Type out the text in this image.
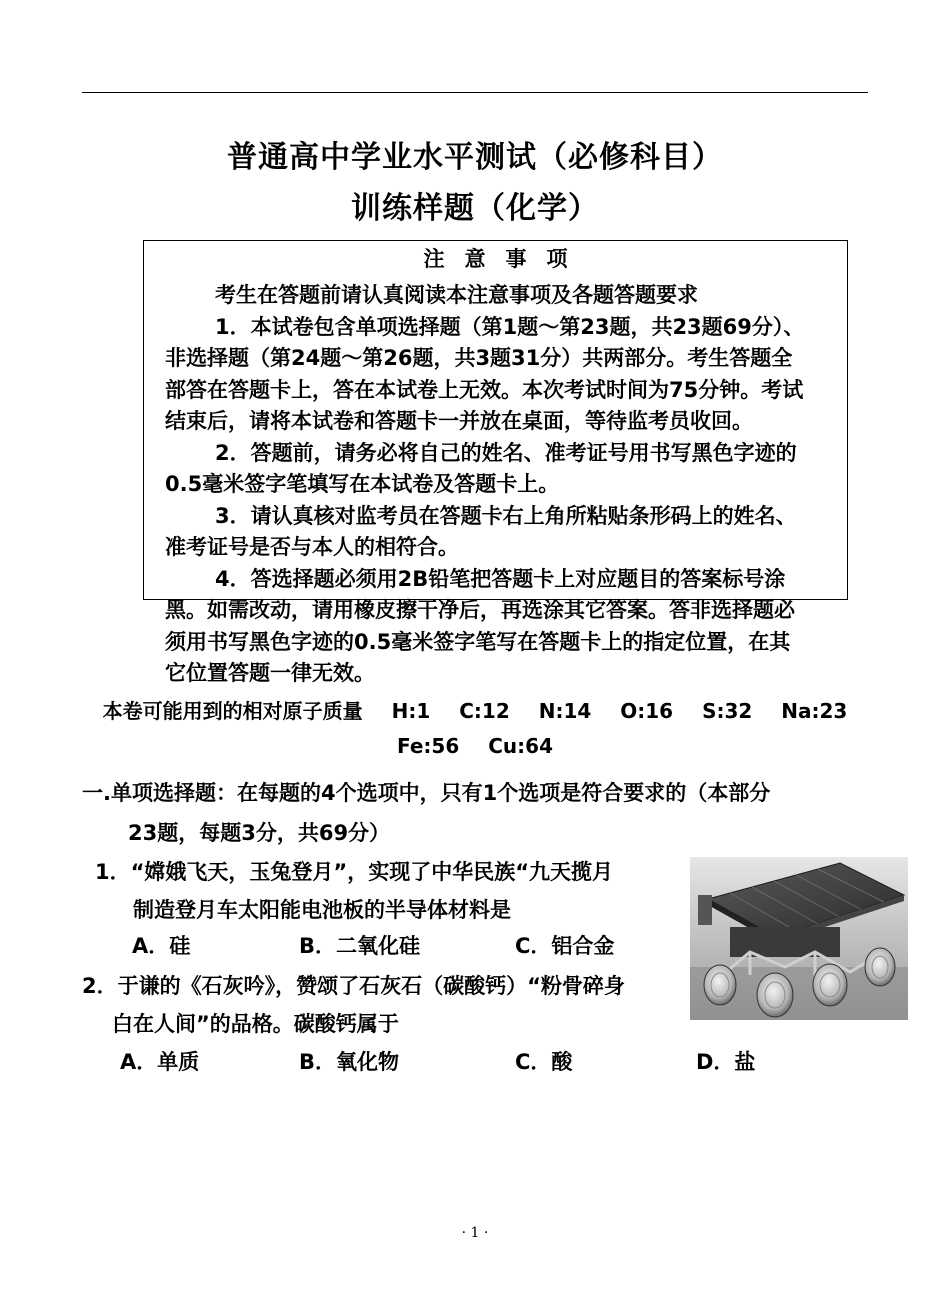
普通高中学业水平测试（必修科目）
训练样题（化学）
注意事项

考生在答题前请认真阅读本注意事项及各题答题要求

1．本试卷包含单项选择题（第1题～第23题，共23题69分）、非选择题（第24题～第26题，共3题31分）共两部分。考生答题全部答在答题卡上，答在本试卷上无效。本次考试时间为75分钟。考试结束后，请将本试卷和答题卡一并放在桌面，等待监考员收回。

2．答题前，请务必将自己的姓名、准考证号用书写黑色字迹的0.5毫米签字笔填写在本试卷及答题卡上。

3．请认真核对监考员在答题卡右上角所粘贴条形码上的姓名、准考证号是否与本人的相符合。

4．答选择题必须用2B铅笔把答题卡上对应题目的答案标号涂黑。如需改动，请用橡皮擦干净后，再选涂其它答案。答非选择题必须用书写黑色字迹的0.5毫米签字笔写在答题卡上的指定位置，在其它位置答题一律无效。

本卷可能用到的相对原子质量 H:1 C:12 N:14 O:16 S:32 Na:23
Fe:56 Cu:64
一.单项选择题：在每题的4个选项中，只有1个选项是符合要求的（本部分
23题，每题3分，共69分）
1．“嫦娥飞天，玉兔登月”，实现了中华民族“九天揽月
制造登月车太阳能电池板的半导体材料是
A．硅	B．二氧化硅	C．铝合金
2．于谦的《石灰吟》，赞颂了石灰石（碳酸钙）“粉骨碎身
白在人间”的品格。碳酸钙属于
A．单质	B．氧化物	C．酸	D．盐
· 1 ·
